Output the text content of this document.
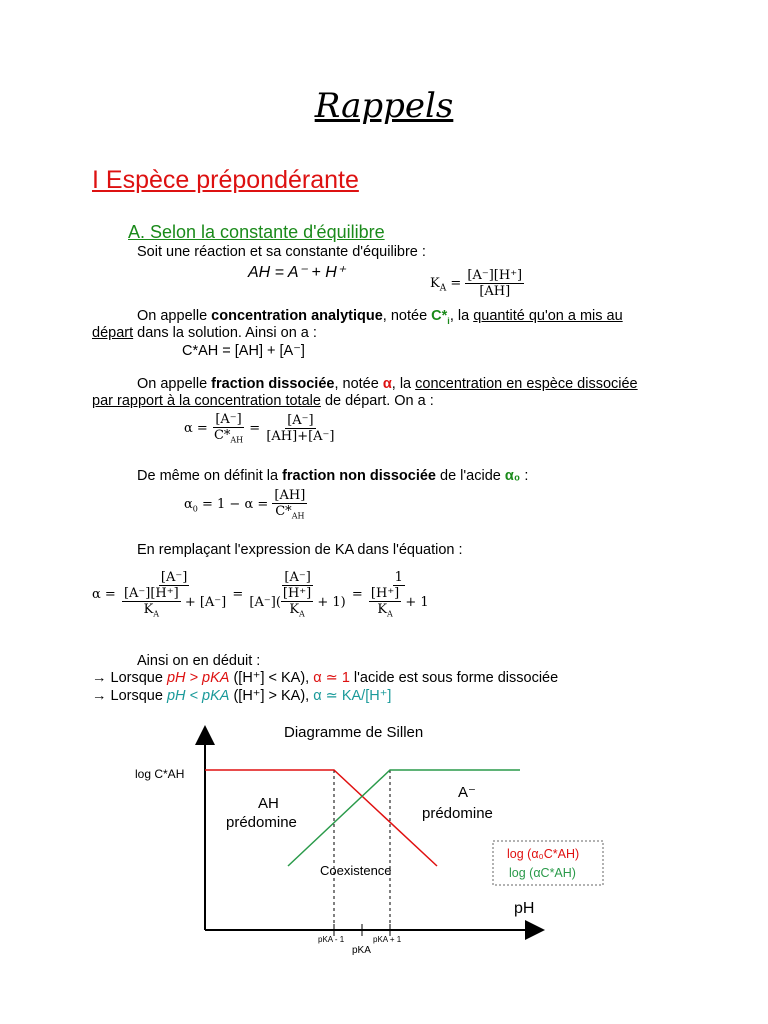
Rappels
I Espèce prépondérante
A. Selon la constante d'équilibre
Soit une réaction et sa constante d'équilibre :
AH = A⁻ + H⁺
$K_A = \frac{[A^-][H^+]}{[AH]}$
On appelle concentration analytique, notée $C*_i$, la quantité qu'on a mis au
départ dans la solution. Ainsi on a :
C*AH = [AH] + [A⁻]
On appelle fraction dissociée, notée α, la concentration en espèce dissociée
par rapport à la concentration totale de départ. On a :
$\alpha = \frac{[A^-]}{C*_{AH}} = \frac{[A^-]}{[AH]+[A^-]}$
De même on définit la fraction non dissociée de l'acide α₀ :
$\alpha_0 = 1 - \alpha = \frac{[AH]}{C*_{AH}}$
En remplaçant l'expression de KA dans l'équation :
$\alpha = \frac{[A^-]}{\frac{[A^-][H^+]}{K_A} + [A^-]} = \frac{[A^-]}{[A^-]( \frac{[H^+]}{K_A} + 1)} = \frac{1}{\frac{[H^+]}{K_A} + 1}$
Ainsi on en déduit :
→ Lorsque pH > pKA ([H⁺] < KA), α ≃ 1 l'acide est sous forme dissociée
→ Lorsque pH < pKA ([H⁺] > KA), α ≃ KA/[H⁺]
Diagramme de Sillen
log C*AH
AH
prédomine
A⁻
prédomine
Coexistence
log (α₀C*AH)
log (αC*AH)
pH
pKA - 1
pKA
pKA + 1
